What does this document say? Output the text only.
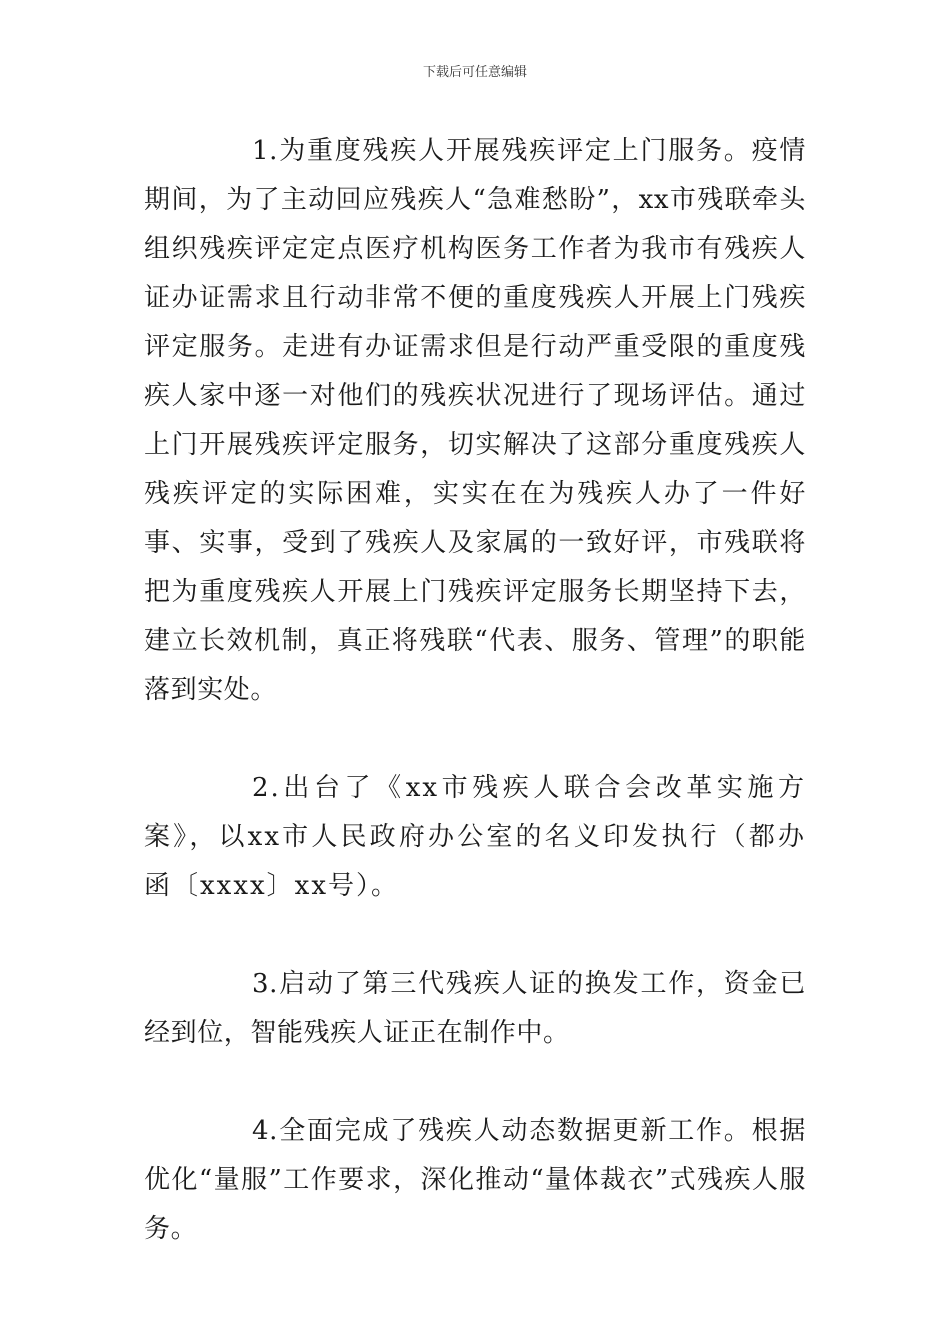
下载后可任意编辑

1.为重度残疾人开展残疾评定上门服务。疫情期间，为了主动回应残疾人“急难愁盼”，xx市残联牵头组织残疾评定定点医疗机构医务工作者为我市有残疾人证办证需求且行动非常不便的重度残疾人开展上门残疾评定服务。走进有办证需求但是行动严重受限的重度残疾人家中逐一对他们的残疾状况进行了现场评估。通过上门开展残疾评定服务，切实解决了这部分重度残疾人残疾评定的实际困难，实实在在为残疾人办了一件好事、实事，受到了残疾人及家属的一致好评，市残联将把为重度残疾人开展上门残疾评定服务长期坚持下去，建立长效机制，真正将残联“代表、服务、管理”的职能落到实处。

2.出台了《xx市残疾人联合会改革实施方案》，以xx市人民政府办公室的名义印发执行（都办函〔xxxx〕xx号）。

3.启动了第三代残疾人证的换发工作，资金已经到位，智能残疾人证正在制作中。

4.全面完成了残疾人动态数据更新工作。根据优化“量服”工作要求，深化推动“量体裁衣”式残疾人服务。
